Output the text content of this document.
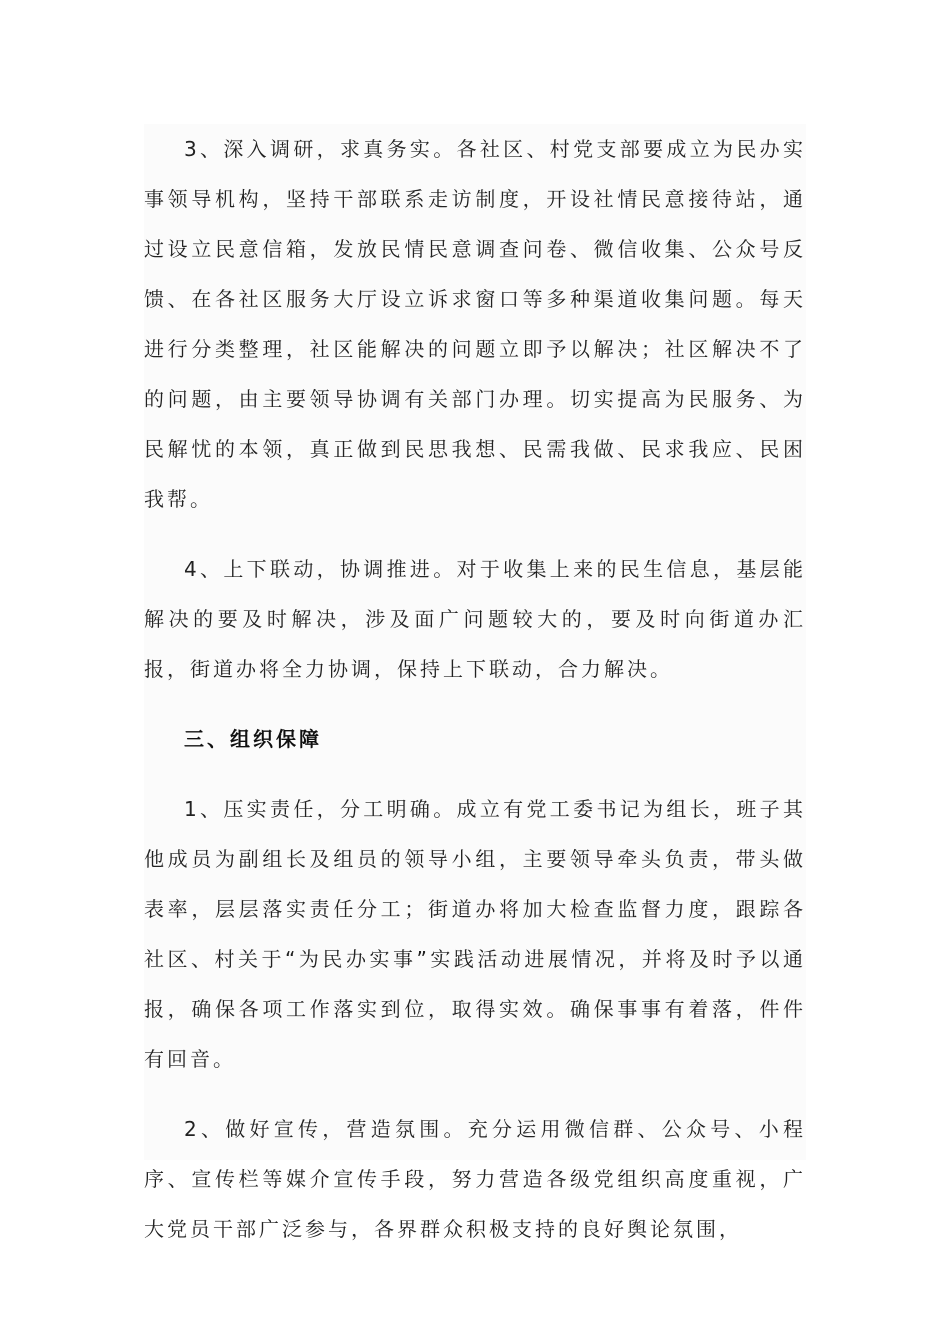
3、深入调研，求真务实。各社区、村党支部要成立为民办实事领导机构，坚持干部联系走访制度，开设社情民意接待站，通过设立民意信箱，发放民情民意调查问卷、微信收集、公众号反馈、在各社区服务大厅设立诉求窗口等多种渠道收集问题。每天进行分类整理，社区能解决的问题立即予以解决；社区解决不了的问题，由主要领导协调有关部门办理。切实提高为民服务、为民解忧的本领，真正做到民思我想、民需我做、民求我应、民困我帮。

4、上下联动，协调推进。对于收集上来的民生信息，基层能解决的要及时解决，涉及面广问题较大的，要及时向街道办汇报，街道办将全力协调，保持上下联动，合力解决。

三、组织保障

1、压实责任，分工明确。成立有党工委书记为组长，班子其他成员为副组长及组员的领导小组，主要领导牵头负责，带头做表率，层层落实责任分工；街道办将加大检查监督力度，跟踪各社区、村关于“为民办实事”实践活动进展情况，并将及时予以通报，确保各项工作落实到位，取得实效。确保事事有着落，件件有回音。

2、做好宣传，营造氛围。充分运用微信群、公众号、小程序、宣传栏等媒介宣传手段，努力营造各级党组织高度重视，广大党员干部广泛参与，各界群众积极支持的良好舆论氛围，
